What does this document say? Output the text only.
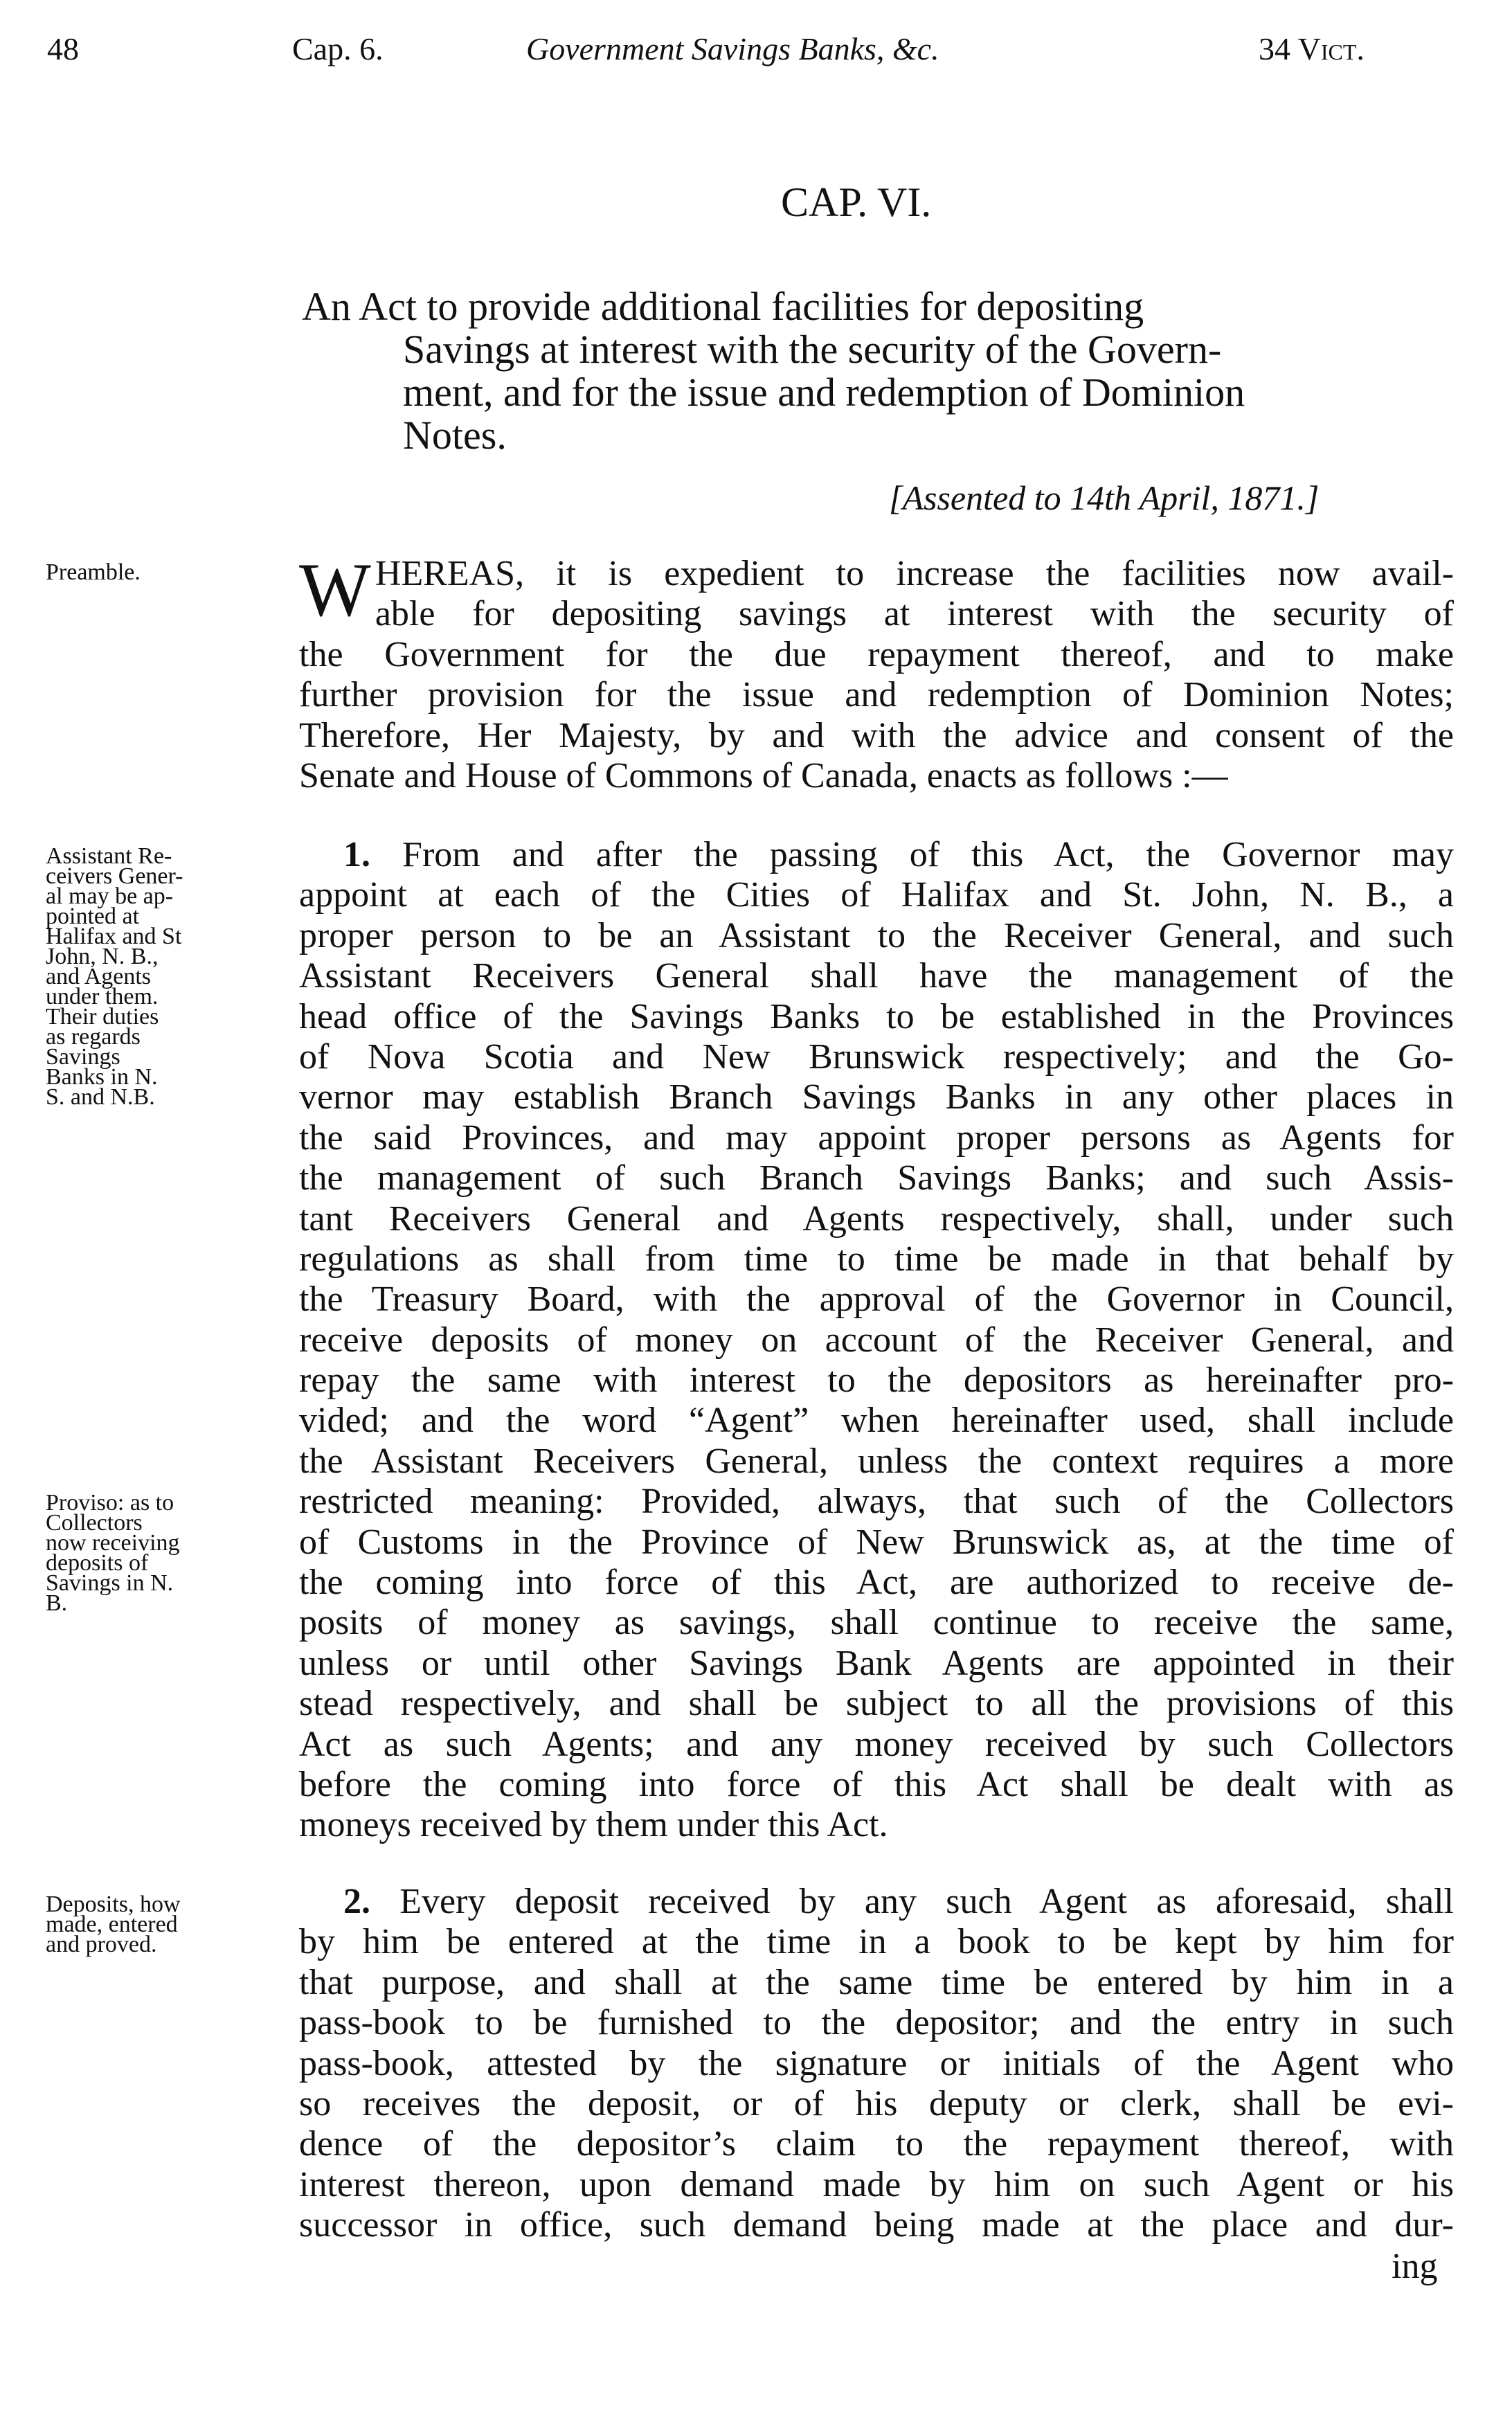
48	Cap. 6.	Government Savings Banks, &c.	34 Vict.
CAP. VI.
An Act to provide additional facilities for depositing
Savings at interest with the security of the Govern-
ment, and for the issue and redemption of Dominion
Notes.
[Assented to 14th April, 1871.]
Preamble. W HEREAS, it is expedient to increase the facilities now avail-
able for depositing savings at interest with the security of
the Government for the due repayment thereof, and to make
further provision for the issue and redemption of Dominion Notes;
Therefore, Her Majesty, by and with the advice and consent of the
Senate and House of Commons of Canada, enacts as follows :—
Assistant Re-
ceivers Gener-
al may be ap-
pointed at
Halifax and St
John, N. B.,
and Agents
under them.
Their duties
as regards
Savings
Banks in N.
S. and N.B.
Proviso: as to
Collectors
now receiving
deposits of
Savings in N.
B.
1. From and after the passing of this Act, the Governor may
appoint at each of the Cities of Halifax and St. John, N. B., a
proper person to be an Assistant to the Receiver General, and such
Assistant Receivers General shall have the management of the
head office of the Savings Banks to be established in the Provinces
of Nova Scotia and New Brunswick respectively; and the Go-
vernor may establish Branch Savings Banks in any other places in
the said Provinces, and may appoint proper persons as Agents for
the management of such Branch Savings Banks; and such Assis-
tant Receivers General and Agents respectively, shall, under such
regulations as shall from time to time be made in that behalf by
the Treasury Board, with the approval of the Governor in Council,
receive deposits of money on account of the Receiver General, and
repay the same with interest to the depositors as hereinafter pro-
vided; and the word “Agent” when hereinafter used, shall include
the Assistant Receivers General, unless the context requires a more
restricted meaning: Provided, always, that such of the Collectors
of Customs in the Province of New Brunswick as, at the time of
the coming into force of this Act, are authorized to receive de-
posits of money as savings, shall continue to receive the same,
unless or until other Savings Bank Agents are appointed in their
stead respectively, and shall be subject to all the provisions of this
Act as such Agents; and any money received by such Collectors
before the coming into force of this Act shall be dealt with as
moneys received by them under this Act.
Deposits, how
made, entered
and proved.
2. Every deposit received by any such Agent as aforesaid, shall
by him be entered at the time in a book to be kept by him for
that purpose, and shall at the same time be entered by him in a
pass-book to be furnished to the depositor; and the entry in such
pass-book, attested by the signature or initials of the Agent who
so receives the deposit, or of his deputy or clerk, shall be evi-
dence of the depositor’s claim to the repayment thereof, with
interest thereon, upon demand made by him on such Agent or his
successor in office, such demand being made at the place and dur-
ing
